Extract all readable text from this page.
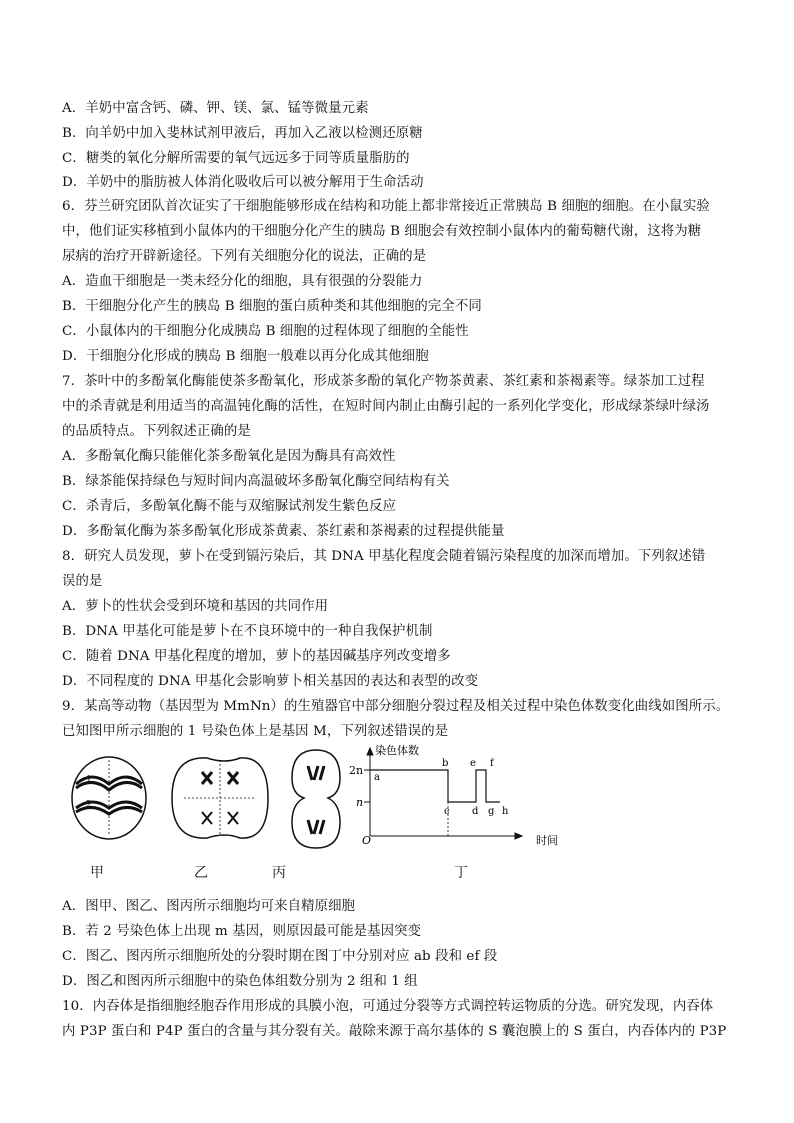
A．羊奶中富含钙、磷、钾、镁、氯、锰等微量元素
B．向羊奶中加入斐林试剂甲液后，再加入乙液以检测还原糖
C．糖类的氧化分解所需要的氧气远远多于同等质量脂肪的
D．羊奶中的脂肪被人体消化吸收后可以被分解用于生命活动
6．芬兰研究团队首次证实了干细胞能够形成在结构和功能上都非常接近正常胰岛 B 细胞的细胞。在小鼠实验
中，他们证实移植到小鼠体内的干细胞分化产生的胰岛 B 细胞会有效控制小鼠体内的葡萄糖代谢，这将为糖
尿病的治疗开辟新途径。下列有关细胞分化的说法，正确的是
A．造血干细胞是一类未经分化的细胞，具有很强的分裂能力
B．干细胞分化产生的胰岛 B 细胞的蛋白质种类和其他细胞的完全不同
C．小鼠体内的干细胞分化成胰岛 B 细胞的过程体现了细胞的全能性
D．干细胞分化形成的胰岛 B 细胞一般难以再分化成其他细胞
7．茶叶中的多酚氧化酶能使茶多酚氧化，形成茶多酚的氧化产物茶黄素、茶红素和茶褐素等。绿茶加工过程
中的杀青就是利用适当的高温钝化酶的活性，在短时间内制止由酶引起的一系列化学变化，形成绿茶绿叶绿汤
的品质特点。下列叙述正确的是
A．多酚氧化酶只能催化茶多酚氧化是因为酶具有高效性
B．绿茶能保持绿色与短时间内高温破坏多酚氧化酶空间结构有关
C．杀青后，多酚氧化酶不能与双缩脲试剂发生紫色反应
D．多酚氧化酶为茶多酚氧化形成茶黄素、茶红素和茶褐素的过程提供能量
8．研究人员发现，萝卜在受到镉污染后，其 DNA 甲基化程度会随着镉污染程度的加深而增加。下列叙述错
误的是
A．萝卜的性状会受到环境和基因的共同作用
B．DNA 甲基化可能是萝卜在不良环境中的一种自我保护机制
C．随着 DNA 甲基化程度的增加，萝卜的基因碱基序列改变增多
D．不同程度的 DNA 甲基化会影响萝卜相关基因的表达和表型的改变
9．某高等动物（基因型为 MmNn）的生殖器官中部分细胞分裂过程及相关过程中染色体数变化曲线如图所示。
已知图甲所示细胞的 1 号染色体上是基因 M，下列叙述错误的是
A．图甲、图乙、图丙所示细胞均可来自精原细胞
B．若 2 号染色体上出现 m 基因，则原因最可能是基因突变
C．图乙、图丙所示细胞所处的分裂时期在图丁中分别对应 ab 段和 ef 段
D．图乙和图丙所示细胞中的染色体组数分别为 2 组和 1 组
10．内吞体是指细胞经胞吞作用形成的具膜小泡，可通过分裂等方式调控转运物质的分选。研究发现，内吞体
内 P3P 蛋白和 P4P 蛋白的含量与其分裂有关。敲除来源于高尔基体的 S 囊泡膜上的 S 蛋白，内吞体内的 P3P
1
2
染色体数
时间
O
2n
n
a
b
c d
e f
g h
甲	乙	丙	丁
